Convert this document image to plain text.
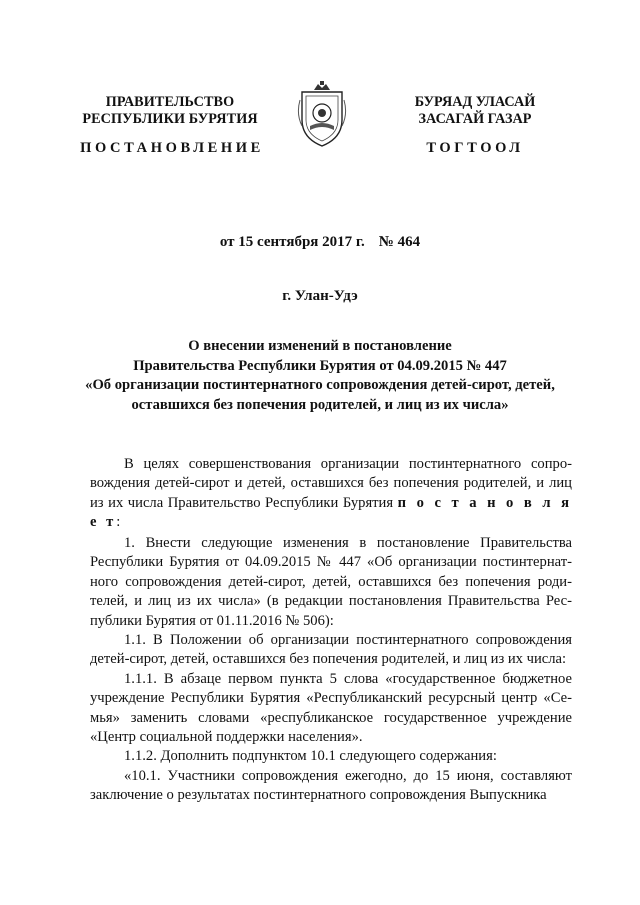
ПРАВИТЕЛЬСТВО
РЕСПУБЛИКИ БУРЯТИЯ
БУРЯАД УЛАСАЙ
ЗАСАГАЙ ГАЗАР
ПОСТАНОВЛЕНИЕ	ТОГТООЛ
от 15 сентября 2017 г. № 464
г. Улан-Удэ
О внесении изменений в постановление
Правительства Республики Бурятия от 04.09.2015 № 447
«Об организации постинтернатного сопровождения детей-сирот, детей,
оставшихся без попечения родителей, и лиц из их числа»

В целях совершенствования организации постинтернатного сопровождения детей-сирот и детей, оставшихся без попечения родителей, и лиц из их числа Правительство Республики Бурятия п о с т а н о в л я е т:

1. Внести следующие изменения в постановление Правительства Республики Бурятия от 04.09.2015 № 447 «Об организации постинтернатного сопровождения детей-сирот, детей, оставшихся без попечения родителей, и лиц из их числа» (в редакции постановления Правительства Республики Бурятия от 01.11.2016 № 506):

1.1. В Положении об организации постинтернатного сопровождения детей-сирот, детей, оставшихся без попечения родителей, и лиц из их числа:

1.1.1. В абзаце первом пункта 5 слова «государственное бюджетное учреждение Республики Бурятия «Республиканский ресурсный центр «Семья» заменить словами «республиканское государственное учреждение «Центр социальной поддержки населения».

1.1.2. Дополнить подпунктом 10.1 следующего содержания:

«10.1. Участники сопровождения ежегодно, до 15 июня, составляют заключение о результатах постинтернатного сопровождения Выпускника
